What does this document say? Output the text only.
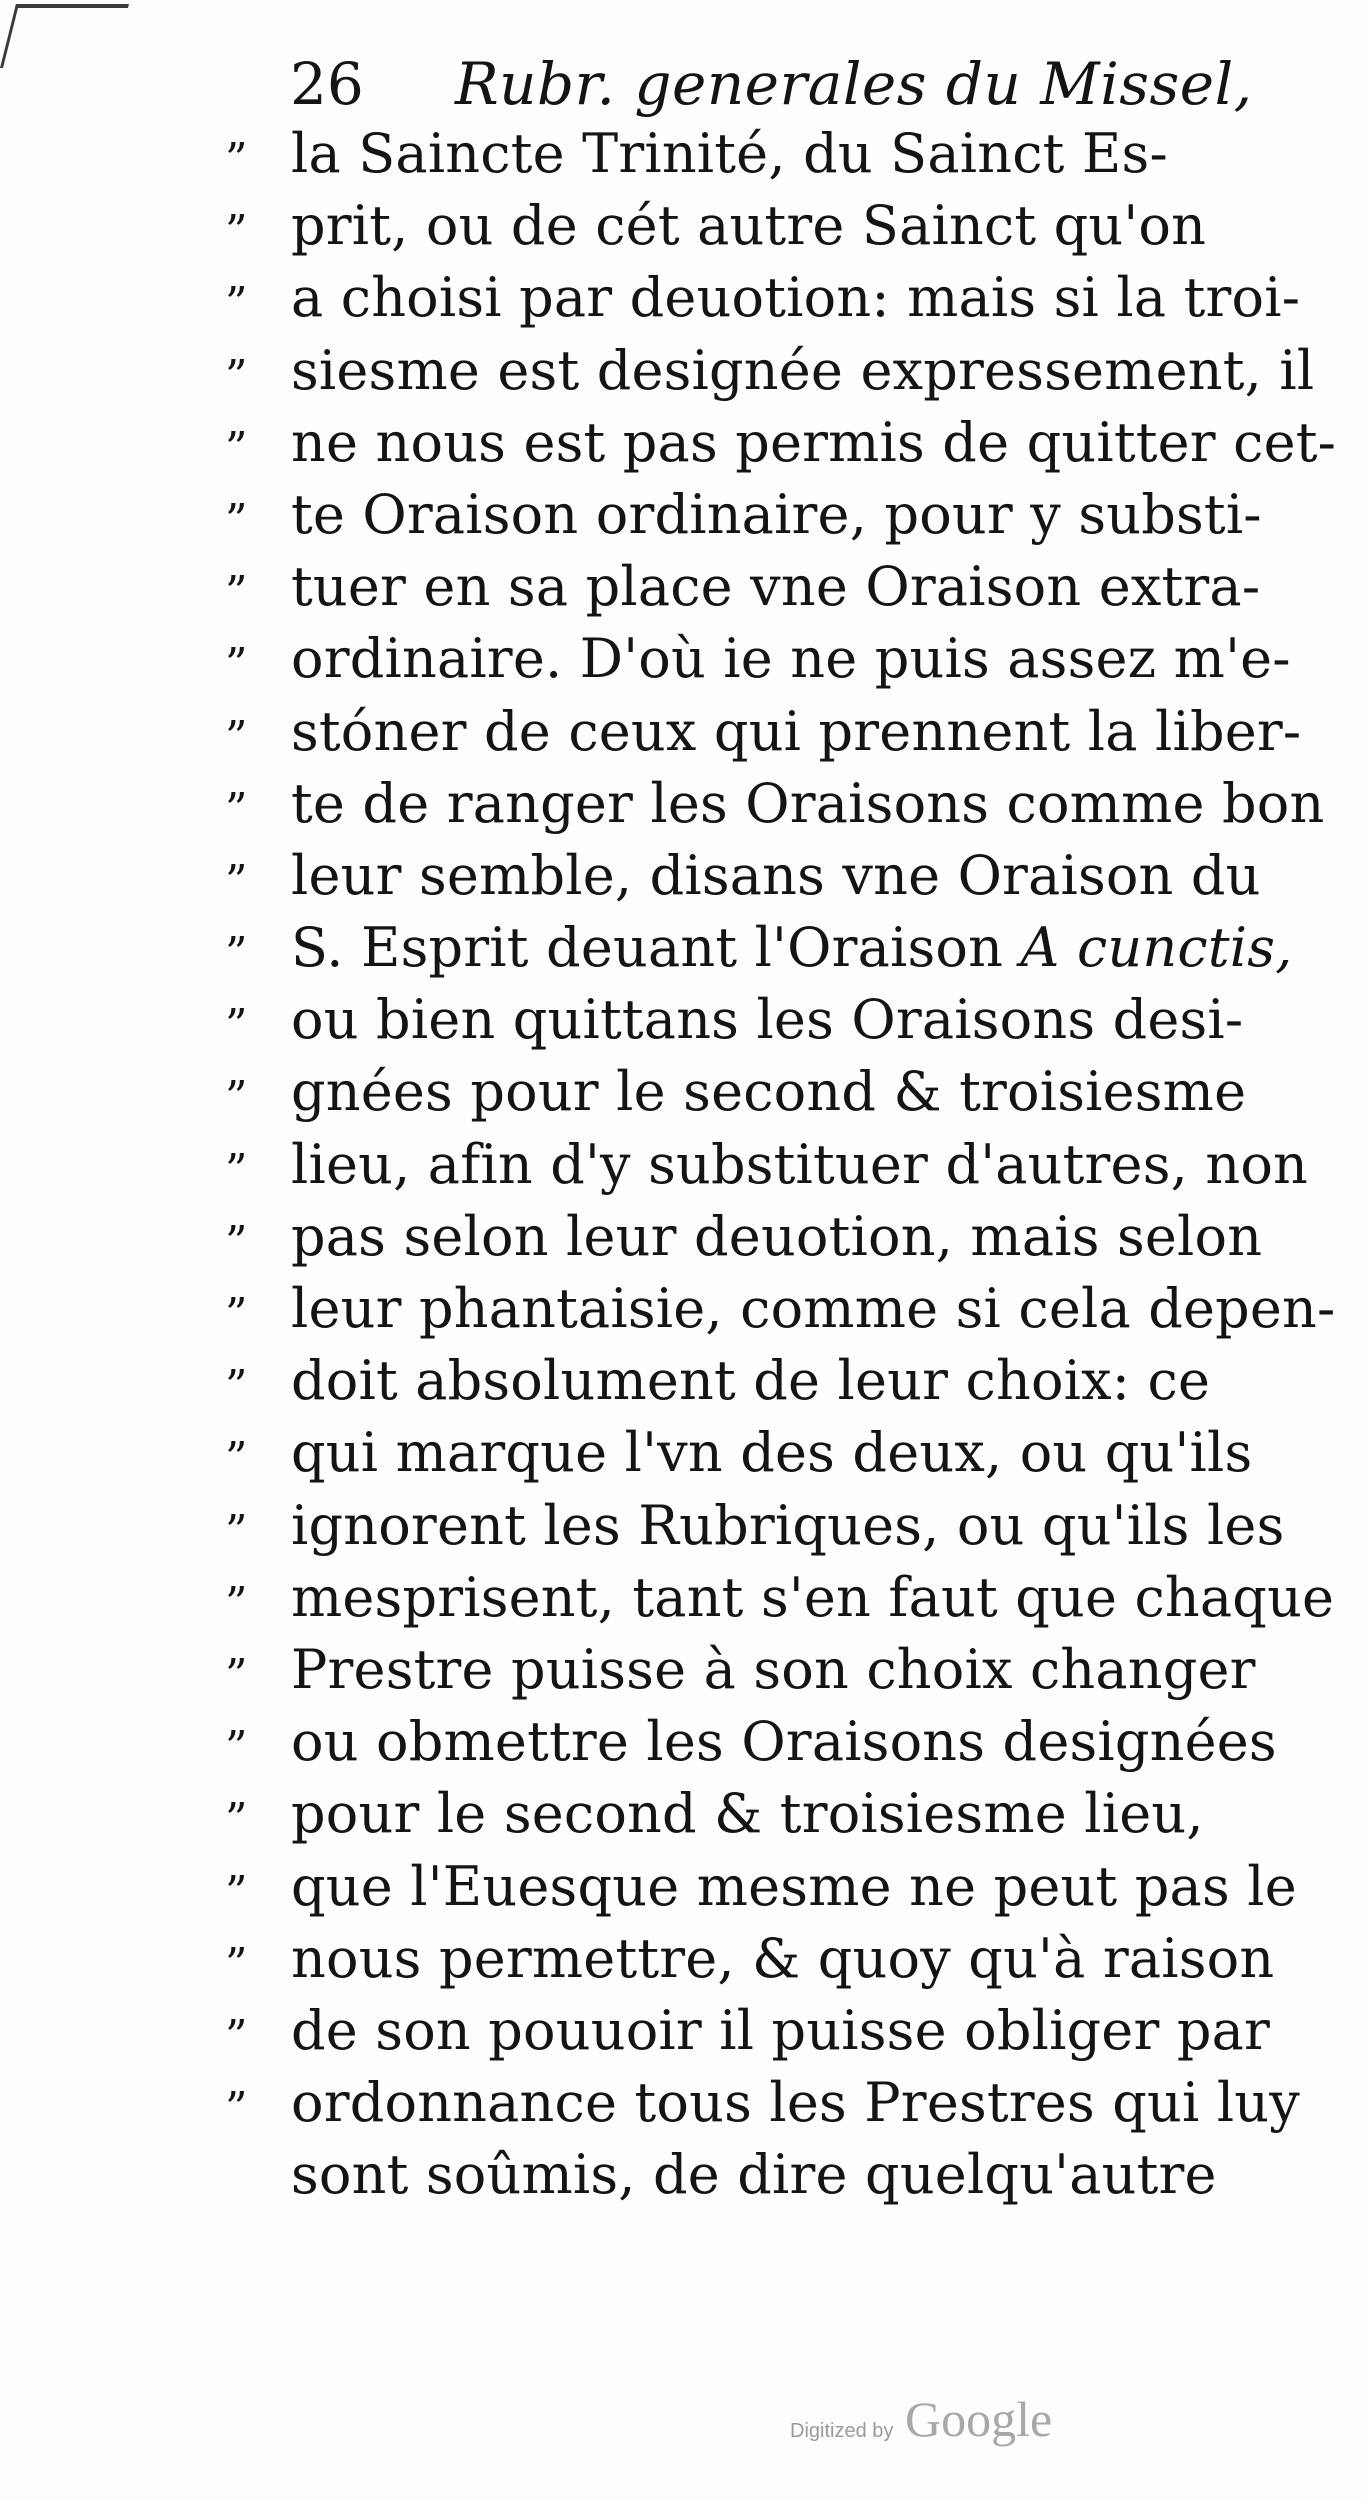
26 Rubr. generales du Missel,
” la Saincte Trinité, du Sainct Es-
” prit, ou de cét autre Sainct qu'on
” a choisi par deuotion: mais si la troi-
” siesme est designée expressement, il
” ne nous est pas permis de quitter cet-
” te Oraison ordinaire, pour y substi-
” tuer en sa place vne Oraison extra-
” ordinaire. D'où ie ne puis assez m'e-
” stóner de ceux qui prennent la liber-
” te de ranger les Oraisons comme bon
” leur semble, disans vne Oraison du
” S. Esprit deuant l'Oraison A cunctis,
” ou bien quittans les Oraisons desi-
” gnées pour le second & troisiesme
” lieu, afin d'y substituer d'autres, non
” pas selon leur deuotion, mais selon
” leur phantaisie, comme si cela depen-
” doit absolument de leur choix: ce
” qui marque l'vn des deux, ou qu'ils
” ignorent les Rubriques, ou qu'ils les
” mesprisent, tant s'en faut que chaque
” Prestre puisse à son choix changer
” ou obmettre les Oraisons designées
” pour le second & troisiesme lieu,
” que l'Euesque mesme ne peut pas le
” nous permettre, & quoy qu'à raison
” de son pouuoir il puisse obliger par
” ordonnance tous les Prestres qui luy
sont soûmis, de dire quelqu'autre
Digitized by Google
